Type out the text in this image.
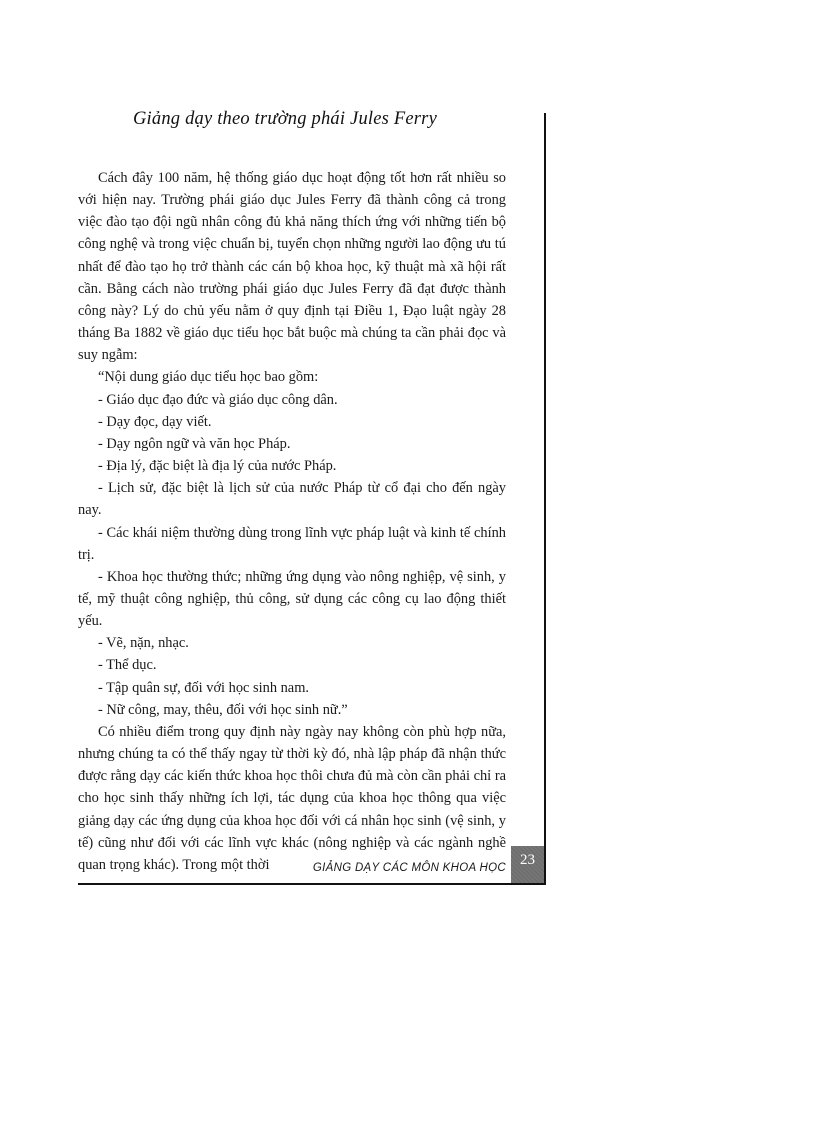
Giảng dạy theo trường phái Jules Ferry

Cách đây 100 năm, hệ thống giáo dục hoạt động tốt hơn rất nhiều so với hiện nay. Trường phái giáo dục Jules Ferry đã thành công cả trong việc đào tạo đội ngũ nhân công đủ khả năng thích ứng với những tiến bộ công nghệ và trong việc chuẩn bị, tuyển chọn những người lao động ưu tú nhất để đào tạo họ trở thành các cán bộ khoa học, kỹ thuật mà xã hội rất cần. Bằng cách nào trường phái giáo dục Jules Ferry đã đạt được thành công này? Lý do chủ yếu nằm ở quy định tại Điều 1, Đạo luật ngày 28 tháng Ba 1882 về giáo dục tiểu học bắt buộc mà chúng ta cần phải đọc và suy ngẫm:

“Nội dung giáo dục tiểu học bao gồm:

- Giáo dục đạo đức và giáo dục công dân.

- Dạy đọc, dạy viết.

- Dạy ngôn ngữ và văn học Pháp.

- Địa lý, đặc biệt là địa lý của nước Pháp.

- Lịch sử, đặc biệt là lịch sử của nước Pháp từ cổ đại cho đến ngày nay.

- Các khái niệm thường dùng trong lĩnh vực pháp luật và kinh tế chính trị.

- Khoa học thường thức; những ứng dụng vào nông nghiệp, vệ sinh, y tế, mỹ thuật công nghiệp, thủ công, sử dụng các công cụ lao động thiết yếu.

- Vẽ, nặn, nhạc.

- Thể dục.

- Tập quân sự, đối với học sinh nam.

- Nữ công, may, thêu, đối với học sinh nữ.”

Có nhiều điểm trong quy định này ngày nay không còn phù hợp nữa, nhưng chúng ta có thể thấy ngay từ thời kỳ đó, nhà lập pháp đã nhận thức được rằng dạy các kiến thức khoa học thôi chưa đủ mà còn cần phải chỉ ra cho học sinh thấy những ích lợi, tác dụng của khoa học thông qua việc giảng dạy các ứng dụng của khoa học đối với cá nhân học sinh (vệ sinh, y tế) cũng như đối với các lĩnh vực khác (nông nghiệp và các ngành nghề quan trọng khác). Trong một thời	GIẢNG DẠY CÁC MÔN KHOA HỌC 23
